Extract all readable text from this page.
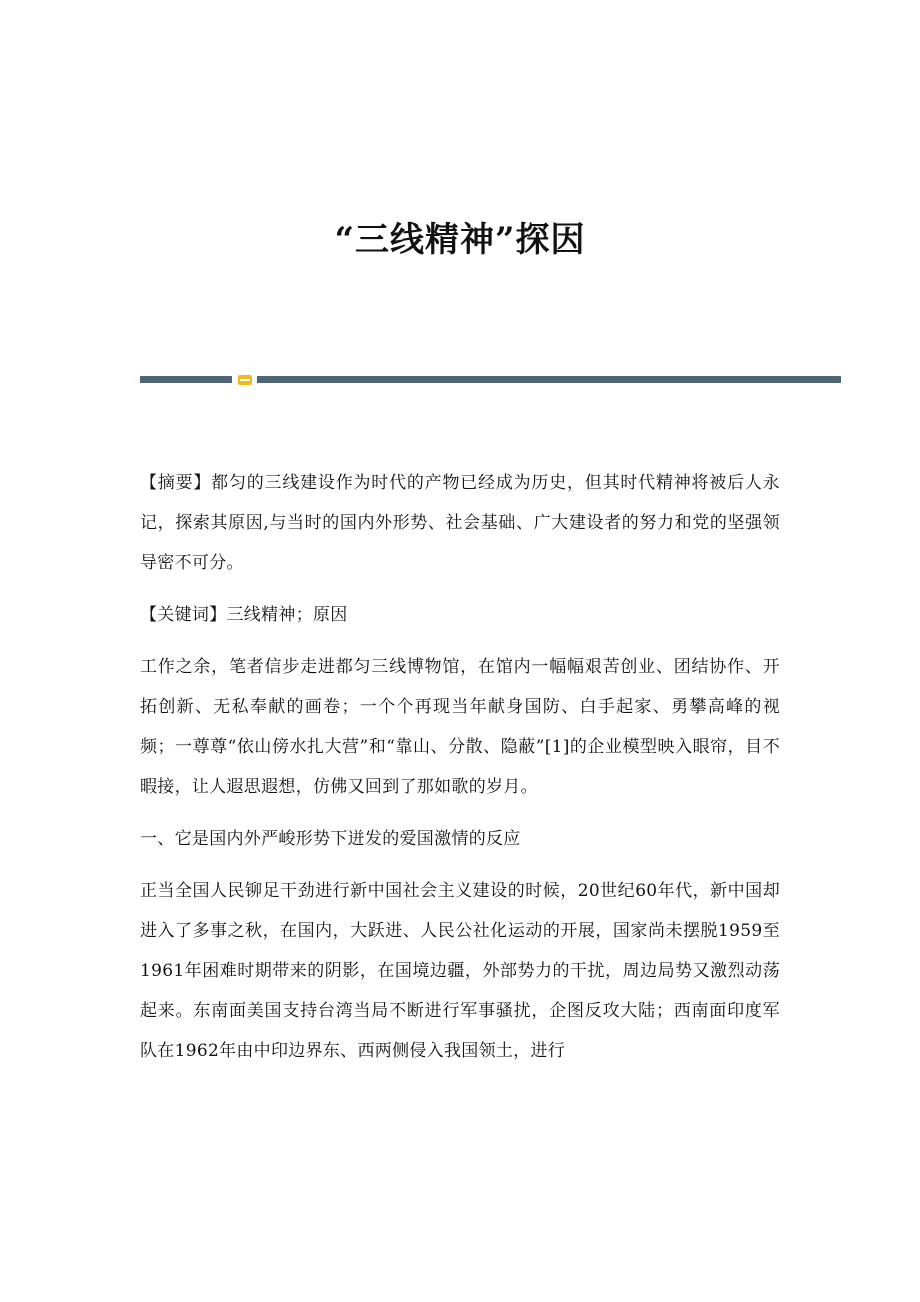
“三线精神”探因

【摘要】都匀的三线建设作为时代的产物已经成为历史，但其时代精神将被后人永记，探索其原因,与当时的国内外形势、社会基础、广大建设者的努力和党的坚强领导密不可分。

【关键词】三线精神；原因

工作之余，笔者信步走进都匀三线博物馆，在馆内一幅幅艰苦创业、团结协作、开拓创新、无私奉献的画卷；一个个再现当年献身国防、白手起家、勇攀高峰的视频；一尊尊“依山傍水扎大营”和“靠山、分散、隐蔽”[1]的企业模型映入眼帘，目不暇接，让人遐思遐想，仿佛又回到了那如歌的岁月。

一、它是国内外严峻形势下迸发的爱国激情的反应

正当全国人民铆足干劲进行新中国社会主义建设的时候，20世纪60年代，新中国却进入了多事之秋，在国内，大跃进、人民公社化运动的开展，国家尚未摆脱1959至1961年困难时期带来的阴影，在国境边疆，外部势力的干扰，周边局势又激烈动荡起来。东南面美国支持台湾当局不断进行军事骚扰，企图反攻大陆；西南面印度军队在1962年由中印边界东、西两侧侵入我国领土，进行
